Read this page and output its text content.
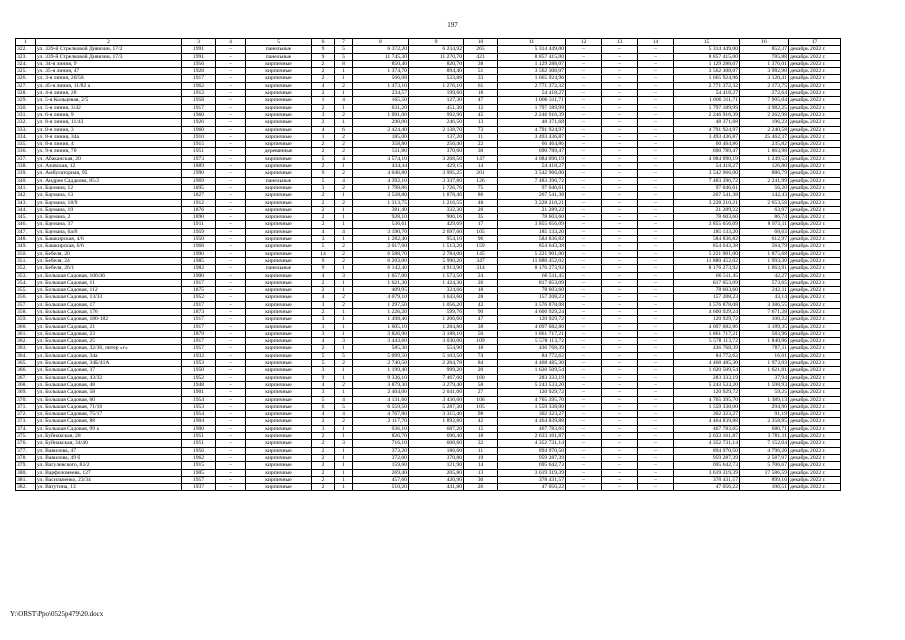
197
1	2	3	4	5	6	7	8	9	10	11	12	13	14	15	16	17
322.	ул. 339-й Стрелковой Дивизии, 17/2	1991	–	панельные	9	5	6 372,20	6 234,92	265	5 314 449,00	–	–	–	5 314 449,00	852,37	декабрь 2022 г.
323.	ул. 339-й Стрелковой Дивизии, 17/3	1991	–	панельные	9	5	11 745,30	11 270,70	421	8 857 415,00	–	–	–	8 857 415,00	785,88	декабрь 2022 г.
324.	ул. 34-я линия, 9	1956	–	кирпичные	2	8	850,40	820,70	38	1 129 288,07	–	–	–	1 129 288,07	1 376,01	декабрь 2022 г.
325.	ул. 35-я линия, 47	1928	–	кирпичные	2	1	1 374,70	894,40	51	3 562 308,07	–	–	–	3 562 308,07	3 982,90	декабрь 2022 г.
326.	ул. 3-я линия, 20/58	1917	–	кирпичные	2	1	566,08	533,88	33	1 665 924,96	–	–	–	1 665 924,96	3 120,41	декабрь 2022 г.
327.	ул. 45-я линия, 11/82 а	1962	–	кирпичные	4	2	1 473,10	1 276,10	61	2 771 372,32	–	–	–	2 771 372,32	2 173,75	декабрь 2022 г.
328.	ул. 4-я линия, 28	1912	–	кирпичные	2	1	234,57	199,60	18	54 418,27	–	–	–	54 418,27	272,64	декабрь 2022 г.
329.	ул. 5-я Кольцевая, 2/5	1958	–	кирпичные	1	4	165,50	127,30	47	1 006 311,71	–	–	–	1 006 311,71	7 905,04	декабрь 2022 г.
330.	ул. 5-я линия, 3/42	1917	–	кирпичные	2	1	631,20	451,30	12	1 797 189,99	–	–	–	1 797 189,99	3 982,25	декабрь 2022 г.
331.	ул. 6-я линия, 9	1960	–	кирпичные	3	2	1 091,00	992,90	45	2 246 916,39	–	–	–	2 246 916,39	2 262,98	декабрь 2022 г.
332.	ул. 8-я линия, 11/43	1926	–	кирпичные	2	1	290,00	246,50	13	48 371,68	–	–	–	48 371,68	196,23	декабрь 2022 г.
333.	ул. 8-я линия, 3	1960	–	кирпичные	4	6	2 424,40	2 138,70	73	4 791 924,97	–	–	–	4 791 924,97	2 240,58	декабрь 2022 г.
334.	ул. 8-я линия, 34a	1910	–	кирпичные	1	2	185,00	137,20	11	3 493 436,87	–	–	–	3 493 436,87	25 462,37	декабрь 2022 г.
335.	ул. 8-я линия, 4	1915	–	кирпичные	2	2	358,80	256,40	22	60 464,86	–	–	–	60 464,86	235,82	декабрь 2022 г.
336.	ул. 9-я линия, 70	1951	–	деревянные	2	2	511,80	370,60	30	690 789,47	–	–	–	690 789,47	1 863,98	декабрь 2022 г.
337.	ул. Абаканская, 20	1973	–	кирпичные	5	4	3 574,10	3 268,50	147	4 084 090,19	–	–	–	4 084 090,19	1 249,53	декабрь 2022 г.
338.	ул. Азовская, 12	1889	–	кирпичные	2	1	434,44	429,15	14	54 418,27	–	–	–	54 418,27	126,80	декабрь 2022 г.
339.	ул. Амбулаторная, 95	1990	–	кирпичные	9	2	4 046,80	3 995,25	201	3 542 966,00	–	–	–	3 542 966,00	886,79	декабрь 2022 г.
340.	ул. Андрея Саддкова, 85/2	1969	–	панельные	5	4	4 392,10	3 337,80	126	7 483 396,72	–	–	–	7 483 396,72	2 241,99	декабрь 2022 г.
341.	ул. Баумана, 12	1895	–	кирпичные	3	2	1 798,86	1 726,76	75	97 046,61	–	–	–	97 046,61	56,20	декабрь 2022 г.
342.	ул. Баумана, 13	1827	–	кирпичные	2	1	3 528,80	1 878,46	86	267 541,38	–	–	–	267 541,38	142,43	декабрь 2022 г.
343.	ул. Баумана, 18/9	1912	–	кирпичные	2	2	1 313,75	1 216,55	48	3 228 210,21	–	–	–	3 228 210,21	2 653,58	декабрь 2022 г.
344.	ул. Баумана, 19	1876	–	кирпичные	2	1	381,40	332,30	20	21 289,22	–	–	–	21 289,22	63,97	декабрь 2022 г.
345.	ул. Баумана, 2	1890	–	кирпичные	2	1	928,10	906,16	35	78 603,60	–	–	–	78 603,60	86,74	декабрь 2022 г.
346.	ул. Баумана, 37	1911	–	кирпичные	2	1	536,61	429,69	17	3 855 656,09	–	–	–	3 855 656,09	8 973,11	декабрь 2022 г.
347.	ул. Баумана, 6а/8	1959	–	кирпичные	4	4	3 190,70	2 697,60	105	185 133,20	–	–	–	185 133,20	68,63	декабрь 2022 г.
348.	ул. Башкирская, 4/6	1950	–	кирпичные	3	1	1 282,40	954,10	96	584 836,82	–	–	–	584 836,82	612,97	декабрь 2022 г.
349.	ул. Башкирская, 6/6	1968	–	кирпичные	5	2	2 017,60	1 513,20	159	854 643,38	–	–	–	854 643,38	564,79	декабрь 2022 г.
350.	ул. Бебеля, 20	1990	–	кирпичные	14	2	6 588,70	2 784,00	145	5 221 901,00	–	–	–	5 221 901,00	1 875,68	декабрь 2022 г.
351.	ул. Бебеля, 24	1985	–	кирпичные	9	2	6 203,00	5 990,20	347	11 880 452,02	–	–	–	11 880 452,02	1 993,30	декабрь 2022 г.
352.	ул. Бебеля, 26/1	1982	–	панельные	9	1	6 142,40	4 913,90	314	8 176 273,92	–	–	–	8 176 273,92	1 663,91	декабрь 2022 г.
353.	ул. Большая Садовая, 106/46	1900	–	кирпичные	4	3	1 657,00	1 573,50	24	66 511,45	–	–	–	66 511,45	42,27	декабрь 2022 г.
354.	ул. Большая Садовая, 11	1917	–	кирпичные	2	1	1 621,30	1 424,30	26	817 053,09	–	–	–	817 053,09	573,65	декабрь 2022 г.
355.	ул. Большая Садовая, 112	1875	–	кирпичные	2	1	409,95	324,66	18	78 603,60	–	–	–	78 603,60	242,11	декабрь 2022 г.
356.	ул. Большая Садовая, 13/33	1952	–	кирпичные	4	2	4 079,10	3 643,60	28	157 208,23	–	–	–	157 208,23	43,14	декабрь 2022 г.
357.	ул. Большая Садовая, 17	1917	–	кирпичные	3	2	1 297,50	1 056,20	42	3 576 878,08	–	–	–	3 576 878,08	3 386,55	декабрь 2022 г.
358.	ул. Большая Садовая, 176	1873	–	кирпичные	2	1	1 226,20	599,76	90	4 600 929,24	–	–	–	4 600 929,24	7 671,28	декабрь 2022 г.
359.	ул. Большая Садовая, 180-182	1917	–	кирпичные	3	1	1 498,40	1 206,60	47	120 929,72	–	–	–	120 929,72	100,22	декабрь 2022 г.
360.	ул. Большая Садовая, 21	1917	–	кирпичные	3	1	1 605,10	1 284,80	38	4 097 682,86	–	–	–	4 097 682,86	3 189,35	декабрь 2022 г.
361.	ул. Большая Садовая, 23	1879	–	кирпичные	3	1	3 826,90	3 188,10	50	1 861 717,21	–	–	–	1 861 717,21	583,96	декабрь 2022 г.
362.	ул. Большая Садовая, 25	1917	–	кирпичные	4	3	3 443,60	3 030,00	109	5 578 113,72	–	–	–	5 578 113,72	1 840,96	декабрь 2022 г.
363.	ул. Большая Садовая, 32/36, литер «г»	1957	–	кирпичные	2	1	585,30	554,90	18	436 768,39	–	–	–	436 768,39	787,11	декабрь 2022 г.
364.	ул. Большая Садовая, 34а	1932	–	кирпичные	5	5	5 099,50	5 103,50	74	84 772,62	–	–	–	84 772,62	16,61	декабрь 2022 г.
365.	ул. Большая Садовая, 34Б/41А	1953	–	кирпичные	5	2	2 740,50	2 264,78	84	4 468 485,30	–	–	–	4 468 485,30	1 973,03	декабрь 2022 г.
366.	ул. Большая Садовая, 37	1950	–	кирпичные	3	1	1 199,40	999,20	20	1 620 509,54	–	–	–	1 620 509,54	1 621,81	декабрь 2022 г.
367.	ул. Большая Садовая, 43/32	1952	–	кирпичные	9	1	9 336,10	7 467,60	160	283 333,19	–	–	–	283 333,19	37,94	декабрь 2022 г.
368.	ул. Большая Садовая, 48	1948	–	кирпичные	4	2	3 879,30	3 279,40	58	5 243 533,20	–	–	–	5 243 533,20	1 598,93	декабрь 2022 г.
369.	ул. Большая Садовая, 58	1901	–	кирпичные	3	1	2 404,00	2 041,00	27	120 929,72	–	–	–	120 929,72	59,25	декабрь 2022 г.
370.	ул. Большая Садовая, 60	1954	–	кирпичные	5	4	4 131,60	3 430,60	106	4 765 395,70	–	–	–	4 765 395,70	1 389,13	декабрь 2022 г.
371.	ул. Большая Садовая, 71/16	1953	–	кирпичные	6	5	6 559,50	5 287,30	105	1 559 338,00	–	–	–	1 559 338,00	294,90	декабрь 2022 г.
372.	ул. Большая Садовая, 75/17	1954	–	кирпичные	4	4	4 767,80	3 315,40	98	302 323,27	–	–	–	302 323,27	91,19	декабрь 2022 г.
373.	ул. Большая Садовая, 88	1904	–	кирпичные	2	2	2 117,70	1 892,80	42	4 464 839,88	–	–	–	4 464 839,88	2 358,85	декабрь 2022 г.
374.	ул. Большая Садовая, 99 а	1900	–	кирпичные	3	1	936,10	687,20	15	467 783,65	–	–	–	467 783,65	680,71	декабрь 2022 г.
375.	ул. Буйнакская, 28	1951	–	кирпичные	2	1	826,70	696,40	18	2 633 161,87	–	–	–	2 633 161,87	3 781,11	декабрь 2022 г.
376.	ул. Буйнакская, 34/40	1951	–	кирпичные	2	3	716,10	608,60	32	4 352 731,14	–	–	–	4 352 731,14	7 152,04	декабрь 2022 г.
377.	ул. Вавилова, 47	1956	–	кирпичные	2	1	373,20	186,60	11	894 970,50	–	–	–	894 970,50	4 796,20	декабрь 2022 г.
378.	ул. Вавилова, 49 б	1962	–	кирпичные	2	1	372,00	370,80	19	959 287,39	–	–	–	959 287,39	2 587,07	декабрь 2022 г.
379.	ул. Вагулевского, 83/2	1915	–	кирпичные	2	1	159,60	121,90	14	695 642,73	–	–	–	695 642,73	5 706,67	декабрь 2022 г.
380.	ул. Варфоломеева, 127	1905	–	кирпичные	2	1	269,40	205,80	13	3 619 319,39	–	–	–	3 619 319,39	17 586,59	декабрь 2022 г.
381.	ул. Васильченко, 23/34	1957	–	кирпичные	2	1	457,60	420,90	30	378 431,57	–	–	–	378 431,57	899,10	декабрь 2022 г.
382.	ул. Ватутина, 13	1937	–	кирпичные	2	1	510,20	441,80	26	47 056,22	–	–	–	47 056,22	106,51	декабрь 2022 г.
Y:\ORST\Ppo\0525p479\20.docx
